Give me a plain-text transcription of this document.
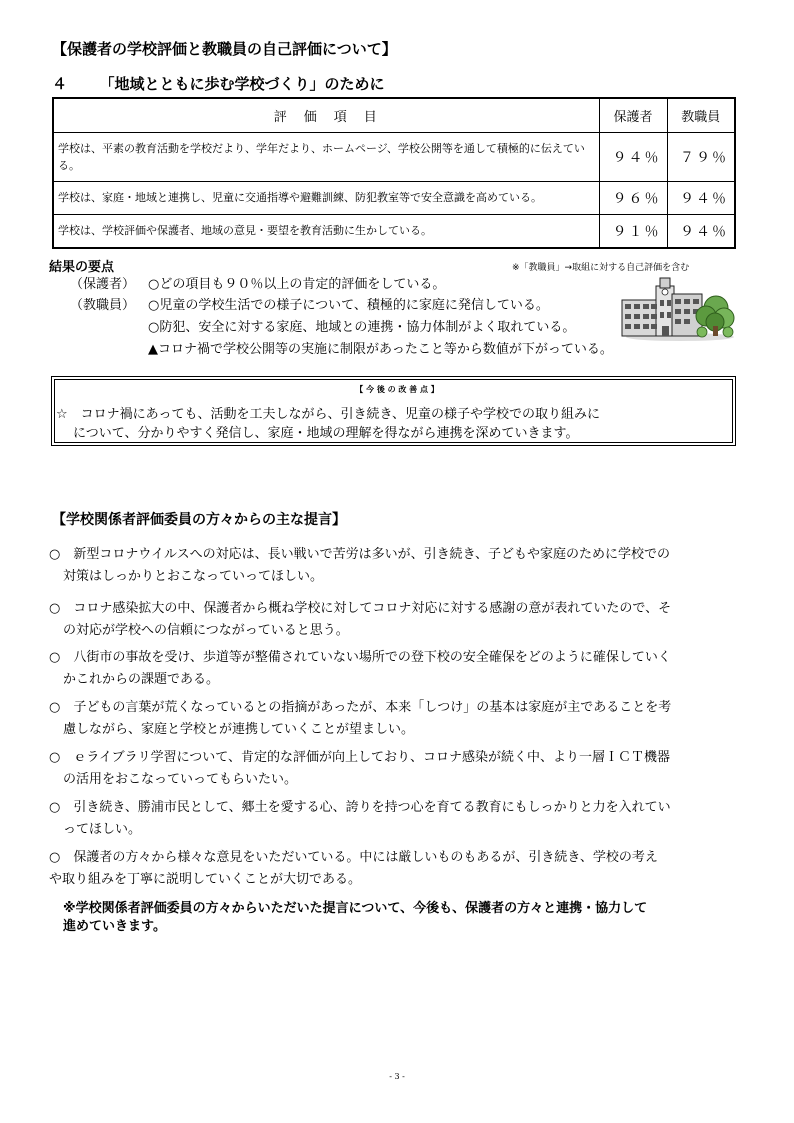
【保護者の学校評価と教職員の自己評価について】
４ 「地域とともに歩む学校づくり」のために
評　価　項　目	保護者	教職員
学校は、平素の教育活動を学校だより、学年だより、ホームページ、学校公開等を通して積極的に伝えている。	９４％	７９％
学校は、家庭・地域と連携し、児童に交通指導や避難訓練、防犯教室等で安全意識を高めている。	９６％	９４％
学校は、学校評価や保護者、地域の意見・要望を教育活動に生かしている。	９１％	９４％
結果の要点	※「教職員」→取組に対する自己評価を含む
（保護者） ○どの項目も９０％以上の肯定的評価をしている。
（教職員） ○児童の学校生活での様子について、積極的に家庭に発信している。
○防犯、安全に対する家庭、地域との連携・協力体制がよく取れている。
▲コロナ禍で学校公開等の実施に制限があったこと等から数値が下がっている。
【 今 後 の 改 善 点 】
☆　コロナ禍にあっても、活動を工夫しながら、引き続き、児童の様子や学校での取り組みに
について、分かりやすく発信し、家庭・地域の理解を得ながら連携を深めていきます。
【学校関係者評価委員の方々からの主な提言】
○　新型コロナウイルスへの対応は、長い戦いで苦労は多いが、引き続き、子どもや家庭のために学校での
対策はしっかりとおこなっていってほしい。
○　コロナ感染拡大の中、保護者から概ね学校に対してコロナ対応に対する感謝の意が表れていたので、そ
の対応が学校への信頼につながっていると思う。
○　八街市の事故を受け、歩道等が整備されていない場所での登下校の安全確保をどのように確保していく
かこれからの課題である。
○　子どもの言葉が荒くなっているとの指摘があったが、本来「しつけ」の基本は家庭が主であることを考
慮しながら、家庭と学校とが連携していくことが望ましい。
○　ｅライブラリ学習について、肯定的な評価が向上しており、コロナ感染が続く中、より一層ＩＣＴ機器
の活用をおこなっていってもらいたい。
○　引き続き、勝浦市民として、郷土を愛する心、誇りを持つ心を育てる教育にもしっかりと力を入れてい
ってほしい。
○　保護者の方々から様々な意見をいただいている。中には厳しいものもあるが、引き続き、学校の考え
や取り組みを丁寧に説明していくことが大切である。
※学校関係者評価委員の方々からいただいた提言について、今後も、保護者の方々と連携・協力して
進めていきます。
- 3 -
